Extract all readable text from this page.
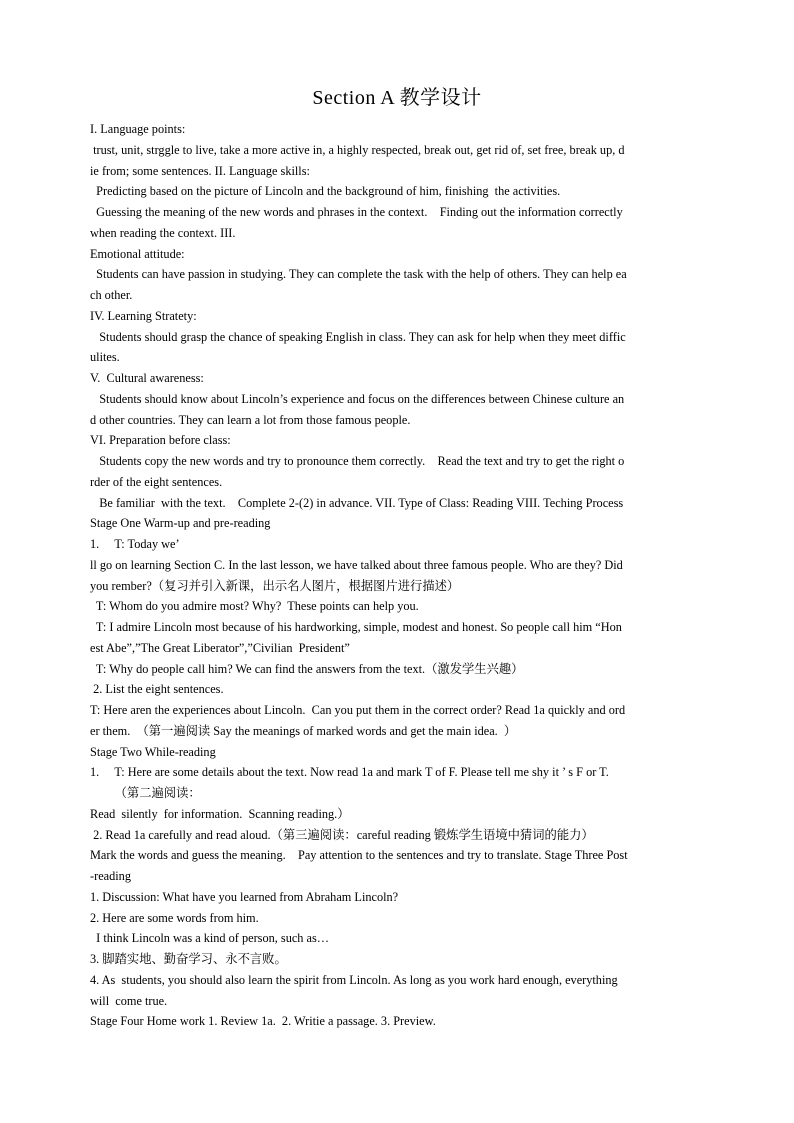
Section A 教学设计
I. Language points:
trust, unit, strggle to live, take a more active in, a highly respected, break out, get rid of, set free, break up, d
ie from; some sentences. II. Language skills:
Predicting based on the picture of Lincoln and the background of him, finishing  the activities.
Guessing the meaning of the new words and phrases in the context.    Finding out the information correctly
when reading the context. III.
Emotional attitude:
Students can have passion in studying. They can complete the task with the help of others. They can help ea
ch other.
IV. Learning Stratety:
Students should grasp the chance of speaking English in class. They can ask for help when they meet diffic
ulites.
V.  Cultural awareness:
Students should know about Lincoln’s experience and focus on the differences between Chinese culture an
d other countries. They can learn a lot from those famous people.
VI. Preparation before class:
Students copy the new words and try to pronounce them correctly.    Read the text and try to get the right o
rder of the eight sentences.
Be familiar  with the text.    Complete 2-(2) in advance. VII. Type of Class: Reading VIII. Teching Process
Stage One Warm-up and pre-reading
1.     T: Today we’
ll go on learning Section C. In the last lesson, we have talked about three famous people. Who are they? Did
you rember?（复习并引入新课，出示名人图片，根据图片进行描述）
T: Whom do you admire most? Why?  These points can help you.
T: I admire Lincoln most because of his hardworking, simple, modest and honest. So people call him “Hon
est Abe”,”The Great Liberator”,”Civilian  President”
T: Why do people call him? We can find the answers from the text.（激发学生兴趣）
2. List the eight sentences.
T: Here aren the experiences about Lincoln.  Can you put them in the correct order? Read 1a quickly and ord
er them.  （第一遍阅读 Say the meanings of marked words and get the main idea.  ）
Stage Two While-reading
1.     T: Here are some details about the text. Now read 1a and mark T of F. Please tell me shy it ’ s F or T.
（第二遍阅读：
Read  silently  for information.  Scanning reading.）
2. Read 1a carefully and read aloud.（第三遍阅读：careful reading 锻炼学生语境中猜词的能力）
Mark the words and guess the meaning.    Pay attention to the sentences and try to translate. Stage Three Post
-reading
1. Discussion: What have you learned from Abraham Lincoln?
2. Here are some words from him.
I think Lincoln was a kind of person, such as…
3. 脚踏实地、勤奋学习、永不言败。
4. As  students, you should also learn the spirit from Lincoln. As long as you work hard enough, everything
will  come true.
Stage Four Home work 1. Review 1a.  2. Writie a passage. 3. Preview.
